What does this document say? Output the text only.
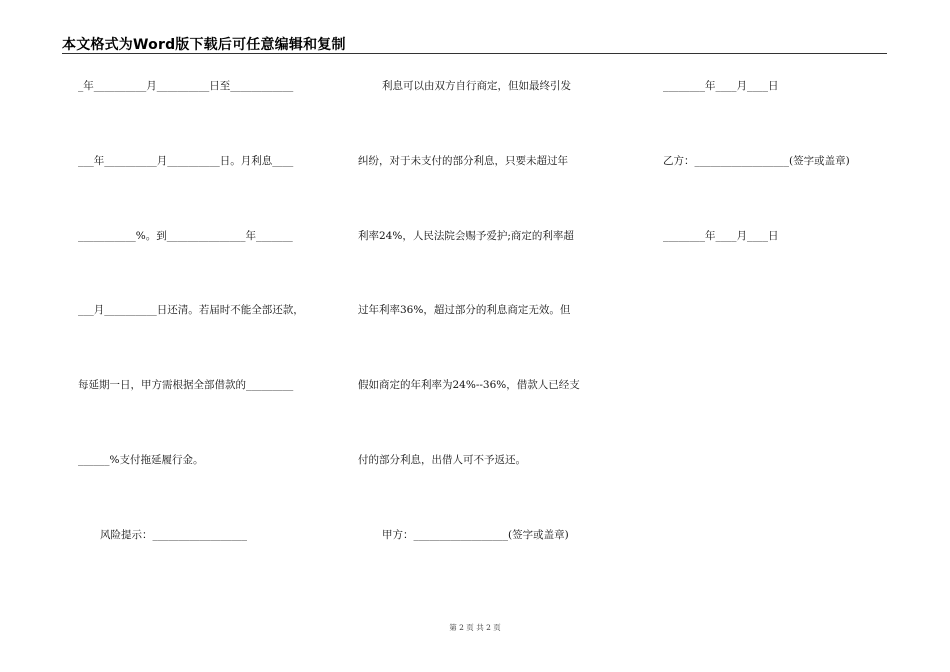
本文格式为Word版下载后可任意编辑和复制
_年__________月__________日至____________
___年__________月__________日。月利息____
___________%。到_______________年_______
___月__________日还清。若届时不能全部还款，
每延期一日，甲方需根据全部借款的_________
______%支付拖延履行金。
风险提示：__________________
利息可以由双方自行商定，但如最终引发
纠纷，对于未支付的部分利息，只要未超过年
利率24%，人民法院会赐予爱护;商定的利率超
过年利率36%，超过部分的利息商定无效。但
假如商定的年利率为24%--36%，借款人已经支
付的部分利息，出借人可不予返还。
甲方：__________________(签字或盖章)
________年____月____日
乙方：__________________(签字或盖章)
________年____月____日
第 2 页 共 2 页
